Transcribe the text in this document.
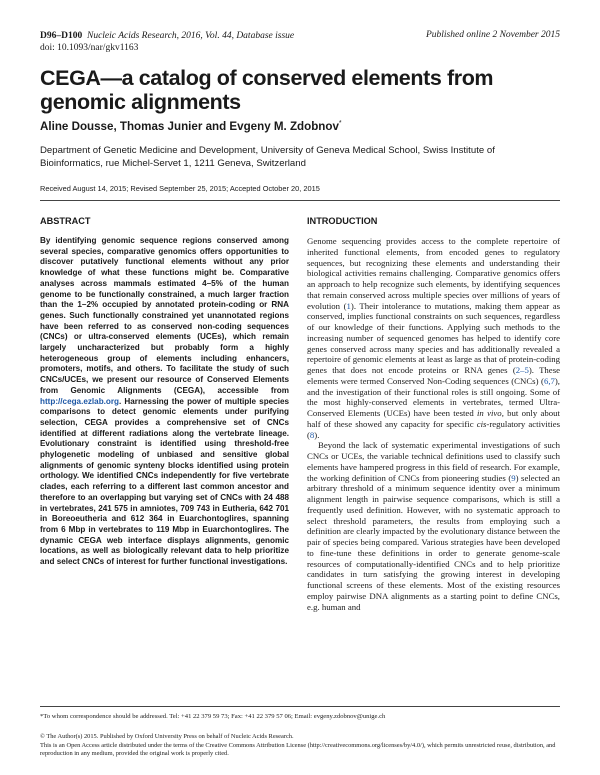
D96–D100 Nucleic Acids Research, 2016, Vol. 44, Database issue
doi: 10.1093/nar/gkv1163
Published online 2 November 2015
CEGA—a catalog of conserved elements from genomic alignments
Aline Dousse, Thomas Junier and Evgeny M. Zdobnov*
Department of Genetic Medicine and Development, University of Geneva Medical School, Swiss Institute of Bioinformatics, rue Michel-Servet 1, 1211 Geneva, Switzerland
Received August 14, 2015; Revised September 25, 2015; Accepted October 20, 2015
ABSTRACT	INTRODUCTION
By identifying genomic sequence regions conserved among several species, comparative genomics offers opportunities to discover putatively functional elements without any prior knowledge of what these functions might be. Comparative analyses across mammals estimated 4–5% of the human genome to be functionally constrained, a much larger fraction than the 1–2% occupied by annotated protein-coding or RNA genes. Such functionally constrained yet unannotated regions have been referred to as conserved non-coding sequences (CNCs) or ultra-conserved elements (UCEs), which remain largely uncharacterized but probably form a highly heterogeneous group of elements including enhancers, promoters, motifs, and others. To facilitate the study of such CNCs/UCEs, we present our resource of Conserved Elements from Genomic Alignments (CEGA), accessible from http://cega.ezlab.org. Harnessing the power of multiple species comparisons to detect genomic elements under purifying selection, CEGA provides a comprehensive set of CNCs identified at different radiations along the vertebrate lineage. Evolutionary constraint is identified using threshold-free phylogenetic modeling of unbiased and sensitive global alignments of genomic synteny blocks identified using protein orthology. We identified CNCs independently for five vertebrate clades, each referring to a different last common ancestor and therefore to an overlapping but varying set of CNCs with 24 488 in vertebrates, 241 575 in amniotes, 709 743 in Eutheria, 642 701 in Boreoeutheria and 612 364 in Euarchontoglires, spanning from 6 Mbp in vertebrates to 119 Mbp in Euarchontoglires. The dynamic CEGA web interface displays alignments, genomic locations, as well as biologically relevant data to help prioritize and select CNCs of interest for further functional investigations.

Genome sequencing provides access to the complete repertoire of inherited functional elements, from encoded genes to regulatory sequences, but recognizing these elements and understanding their biological activities remains challenging. Comparative genomics offers an approach to help recognize such elements, by identifying sequences that remain conserved across multiple species over millions of years of evolution (1). Their intolerance to mutations, making them appear as conserved, implies functional constraints on such sequences, regardless of our knowledge of their functions. Applying such methods to the increasing number of sequenced genomes has helped to identify core genes conserved across many species and has additionally revealed a repertoire of genomic elements at least as large as that of protein-coding genes that does not encode proteins or RNA genes (2–5). These elements were termed Conserved Non-Coding sequences (CNCs) (6,7), and the investigation of their functional roles is still ongoing. Some of the most highly-conserved elements in vertebrates, termed Ultra-Conserved Elements (UCEs) have been tested in vivo, but only about half of these showed any capacity for specific cis-regulatory activities (8).

Beyond the lack of systematic experimental investigations of such CNCs or UCEs, the variable technical definitions used to classify such elements have hampered progress in this field of research. For example, the working definition of CNCs from pioneering studies (9) selected an arbitrary threshold of a minimum sequence identity over a minimum alignment length in pairwise sequence comparisons, which is still a frequently used definition. However, with no systematic approach to select threshold parameters, the results from employing such a definition are clearly impacted by the evolutionary distance between the pair of species being compared. Various strategies have been developed to fine-tune these definitions in order to generate genome-scale resources of computationally-identified CNCs and to help prioritize candidates in turn satisfying the growing interest in developing functional screens of these elements. Most of the existing resources employ pairwise DNA alignments as a starting point to define CNCs, e.g. human and

*To whom correspondence should be addressed. Tel: +41 22 379 59 73; Fax: +41 22 379 57 06; Email: evgeny.zdobnov@unige.ch
© The Author(s) 2015. Published by Oxford University Press on behalf of Nucleic Acids Research.
This is an Open Access article distributed under the terms of the Creative Commons Attribution License (http://creativecommons.org/licenses/by/4.0/), which permits unrestricted reuse, distribution, and reproduction in any medium, provided the original work is properly cited.
